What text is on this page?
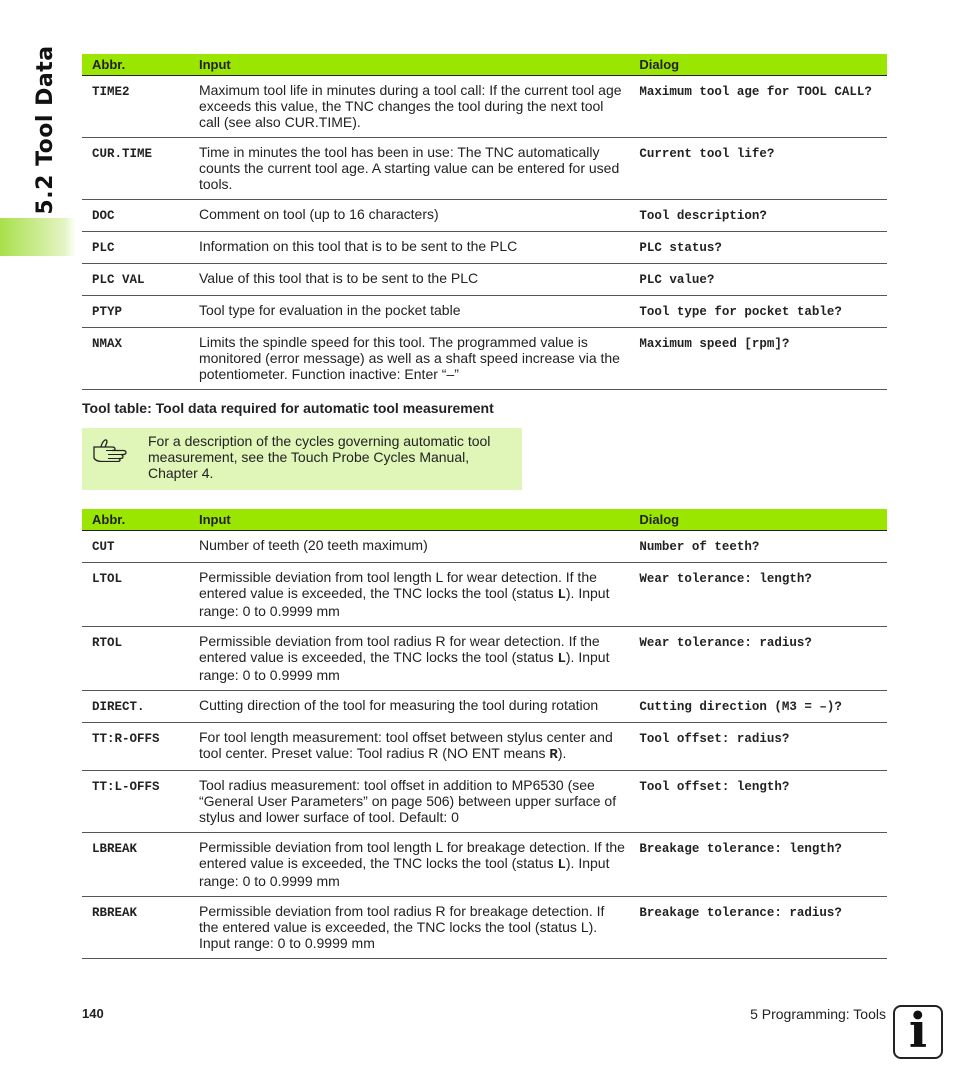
5.2 Tool Data	Abbr.	Input	Dialog
TIME2	Maximum tool life in minutes during a tool call: If the current tool age exceeds this value, the TNC changes the tool during the next tool call (see also CUR.TIME).	Maximum tool age for TOOL CALL?
CUR.TIME	Time in minutes the tool has been in use: The TNC automatically counts the current tool age. A starting value can be entered for used tools.	Current tool life?
DOC	Comment on tool (up to 16 characters)	Tool description?
PLC	Information on this tool that is to be sent to the PLC	PLC status?
PLC VAL	Value of this tool that is to be sent to the PLC	PLC value?
PTYP	Tool type for evaluation in the pocket table	Tool type for pocket table?
NMAX	Limits the spindle speed for this tool. The programmed value is monitored (error message) as well as a shaft speed increase via the potentiometer. Function inactive: Enter “–”	Maximum speed [rpm]?
Tool table: Tool data required for automatic tool measurement
For a description of the cycles governing automatic tool measurement, see the Touch Probe Cycles Manual, Chapter 4.
Abbr.	Input	Dialog
CUT	Number of teeth (20 teeth maximum)	Number of teeth?
LTOL	Permissible deviation from tool length L for wear detection. If the entered value is exceeded, the TNC locks the tool (status L). Input range: 0 to 0.9999 mm	Wear tolerance: length?
RTOL	Permissible deviation from tool radius R for wear detection. If the entered value is exceeded, the TNC locks the tool (status L). Input range: 0 to 0.9999 mm	Wear tolerance: radius?
DIRECT.	Cutting direction of the tool for measuring the tool during rotation	Cutting direction (M3 = –)?
TT:R-OFFS	For tool length measurement: tool offset between stylus center and tool center. Preset value: Tool radius R (NO ENT means R).	Tool offset: radius?
TT:L-OFFS	Tool radius measurement: tool offset in addition to MP6530 (see “General User Parameters” on page 506) between upper surface of stylus and lower surface of tool. Default: 0	Tool offset: length?
LBREAK	Permissible deviation from tool length L for breakage detection. If the entered value is exceeded, the TNC locks the tool (status L). Input range: 0 to 0.9999 mm	Breakage tolerance: length?
RBREAK	Permissible deviation from tool radius R for breakage detection. If the entered value is exceeded, the TNC locks the tool (status L). Input range: 0 to 0.9999 mm	Breakage tolerance: radius?
140	5 Programming: Tools i
